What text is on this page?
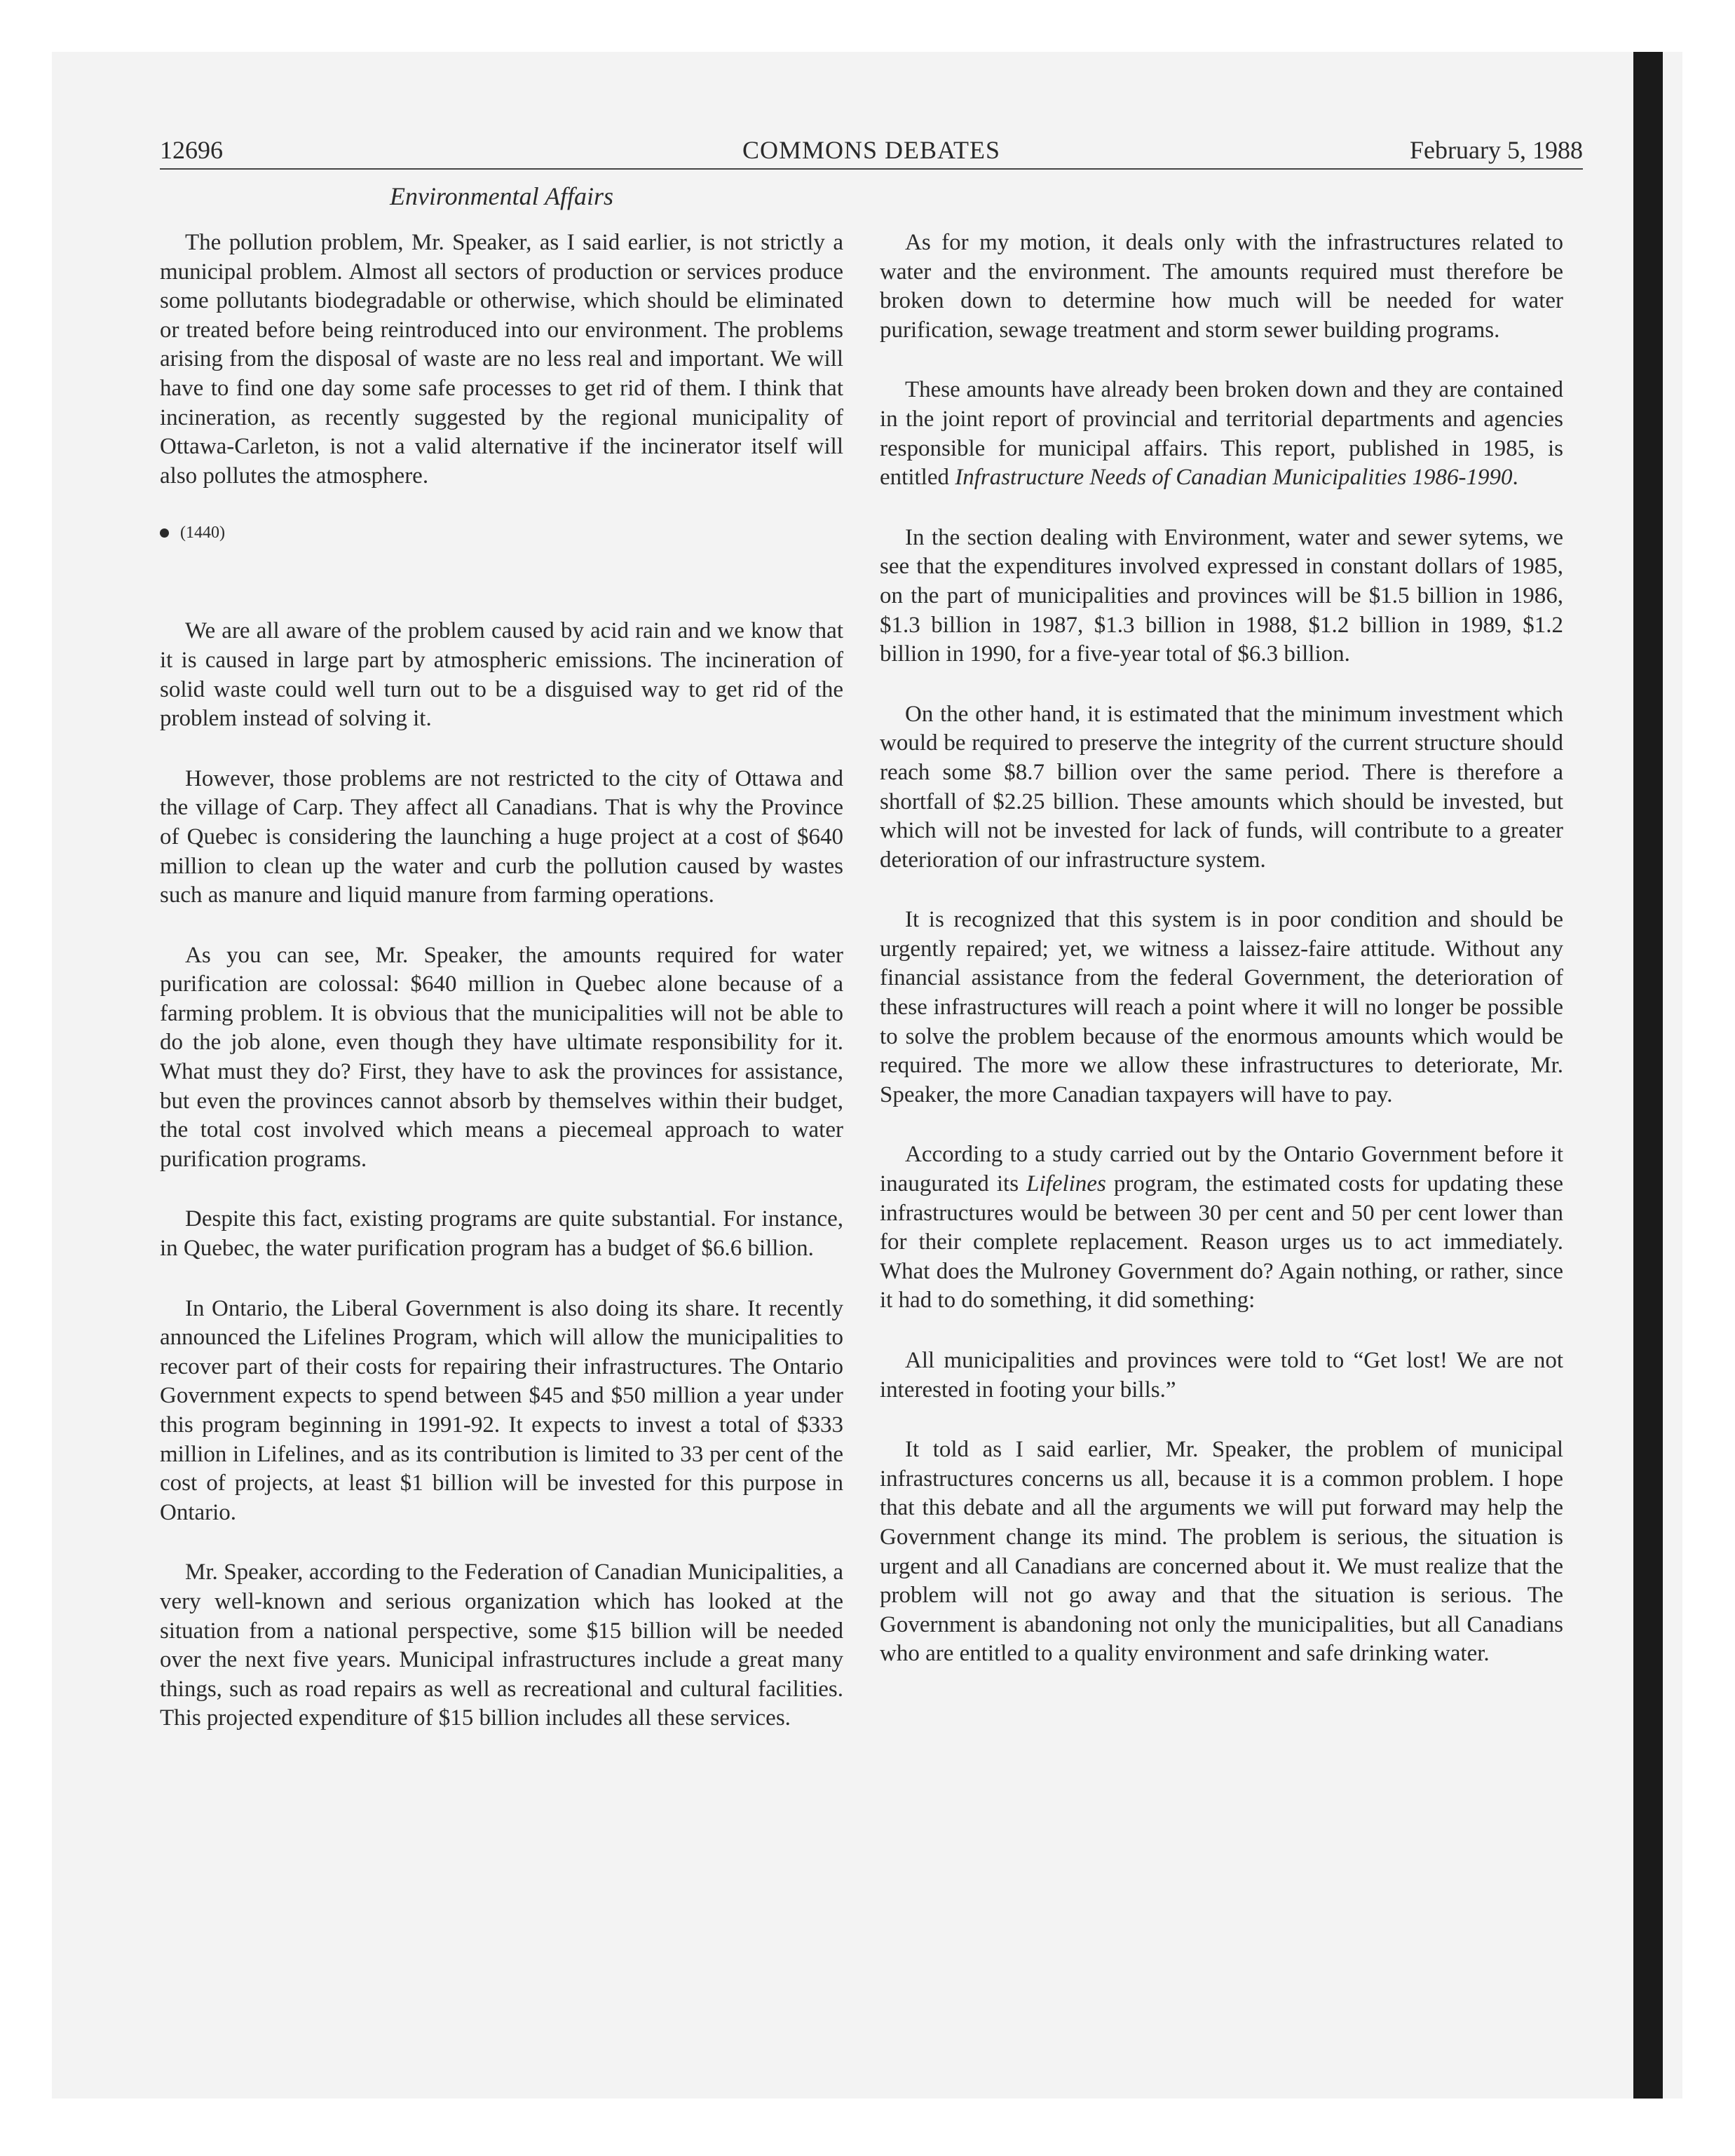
12696	COMMONS DEBATES	February 5, 1988
Environmental Affairs

The pollution problem, Mr. Speaker, as I said earlier, is not strictly a municipal problem. Almost all sectors of production or services produce some pollutants biodegradable or otherwise, which should be eliminated or treated before being reintroduced into our environment. The problems arising from the disposal of waste are no less real and important. We will have to find one day some safe processes to get rid of them. I think that incineration, as recently suggested by the regional municipality of Ottawa-Carleton, is not a valid alternative if the incinerator itself will also pollutes the atmosphere.

(1440)

We are all aware of the problem caused by acid rain and we know that it is caused in large part by atmospheric emissions. The incineration of solid waste could well turn out to be a disguised way to get rid of the problem instead of solving it.

However, those problems are not restricted to the city of Ottawa and the village of Carp. They affect all Canadians. That is why the Province of Quebec is considering the launching a huge project at a cost of $640 million to clean up the water and curb the pollution caused by wastes such as manure and liquid manure from farming operations.

As you can see, Mr. Speaker, the amounts required for water purification are colossal: $640 million in Quebec alone because of a farming problem. It is obvious that the municipalities will not be able to do the job alone, even though they have ultimate responsibility for it. What must they do? First, they have to ask the provinces for assistance, but even the provinces cannot absorb by themselves within their budget, the total cost involved which means a piecemeal approach to water purification programs.

Despite this fact, existing programs are quite substantial. For instance, in Quebec, the water purification program has a budget of $6.6 billion.

In Ontario, the Liberal Government is also doing its share. It recently announced the Lifelines Program, which will allow the municipalities to recover part of their costs for repairing their infrastructures. The Ontario Government expects to spend between $45 and $50 million a year under this program beginning in 1991-92. It expects to invest a total of $333 million in Lifelines, and as its contribution is limited to 33 per cent of the cost of projects, at least $1 billion will be invested for this purpose in Ontario.

Mr. Speaker, according to the Federation of Canadian Municipalities, a very well-known and serious organization which has looked at the situation from a national perspective, some $15 billion will be needed over the next five years. Municipal infrastructures include a great many things, such as road repairs as well as recreational and cultural facilities. This projected expenditure of $15 billion includes all these services.

As for my motion, it deals only with the infrastructures related to water and the environment. The amounts required must therefore be broken down to determine how much will be needed for water purification, sewage treatment and storm sewer building programs.

These amounts have already been broken down and they are contained in the joint report of provincial and territorial departments and agencies responsible for municipal affairs. This report, published in 1985, is entitled Infrastructure Needs of Canadian Municipalities 1986-1990.

In the section dealing with Environment, water and sewer sytems, we see that the expenditures involved expressed in constant dollars of 1985, on the part of municipalities and provinces will be $1.5 billion in 1986, $1.3 billion in 1987, $1.3 billion in 1988, $1.2 billion in 1989, $1.2 billion in 1990, for a five-year total of $6.3 billion.

On the other hand, it is estimated that the minimum investment which would be required to preserve the integrity of the current structure should reach some $8.7 billion over the same period. There is therefore a shortfall of $2.25 billion. These amounts which should be invested, but which will not be invested for lack of funds, will contribute to a greater deterioration of our infrastructure system.

It is recognized that this system is in poor condition and should be urgently repaired; yet, we witness a laissez-faire attitude. Without any financial assistance from the federal Government, the deterioration of these infrastructures will reach a point where it will no longer be possible to solve the problem because of the enormous amounts which would be required. The more we allow these infrastructures to deteriorate, Mr. Speaker, the more Canadian taxpayers will have to pay.

According to a study carried out by the Ontario Government before it inaugurated its Lifelines program, the estimated costs for updating these infrastructures would be between 30 per cent and 50 per cent lower than for their complete replacement. Reason urges us to act immediately. What does the Mulroney Government do? Again nothing, or rather, since it had to do something, it did something:

All municipalities and provinces were told to “Get lost! We are not interested in footing your bills.”

It told as I said earlier, Mr. Speaker, the problem of municipal infrastructures concerns us all, because it is a common problem. I hope that this debate and all the arguments we will put forward may help the Government change its mind. The problem is serious, the situation is urgent and all Canadians are concerned about it. We must realize that the problem will not go away and that the situation is serious. The Government is abandoning not only the municipalities, but all Canadians who are entitled to a quality environment and safe drinking water.
